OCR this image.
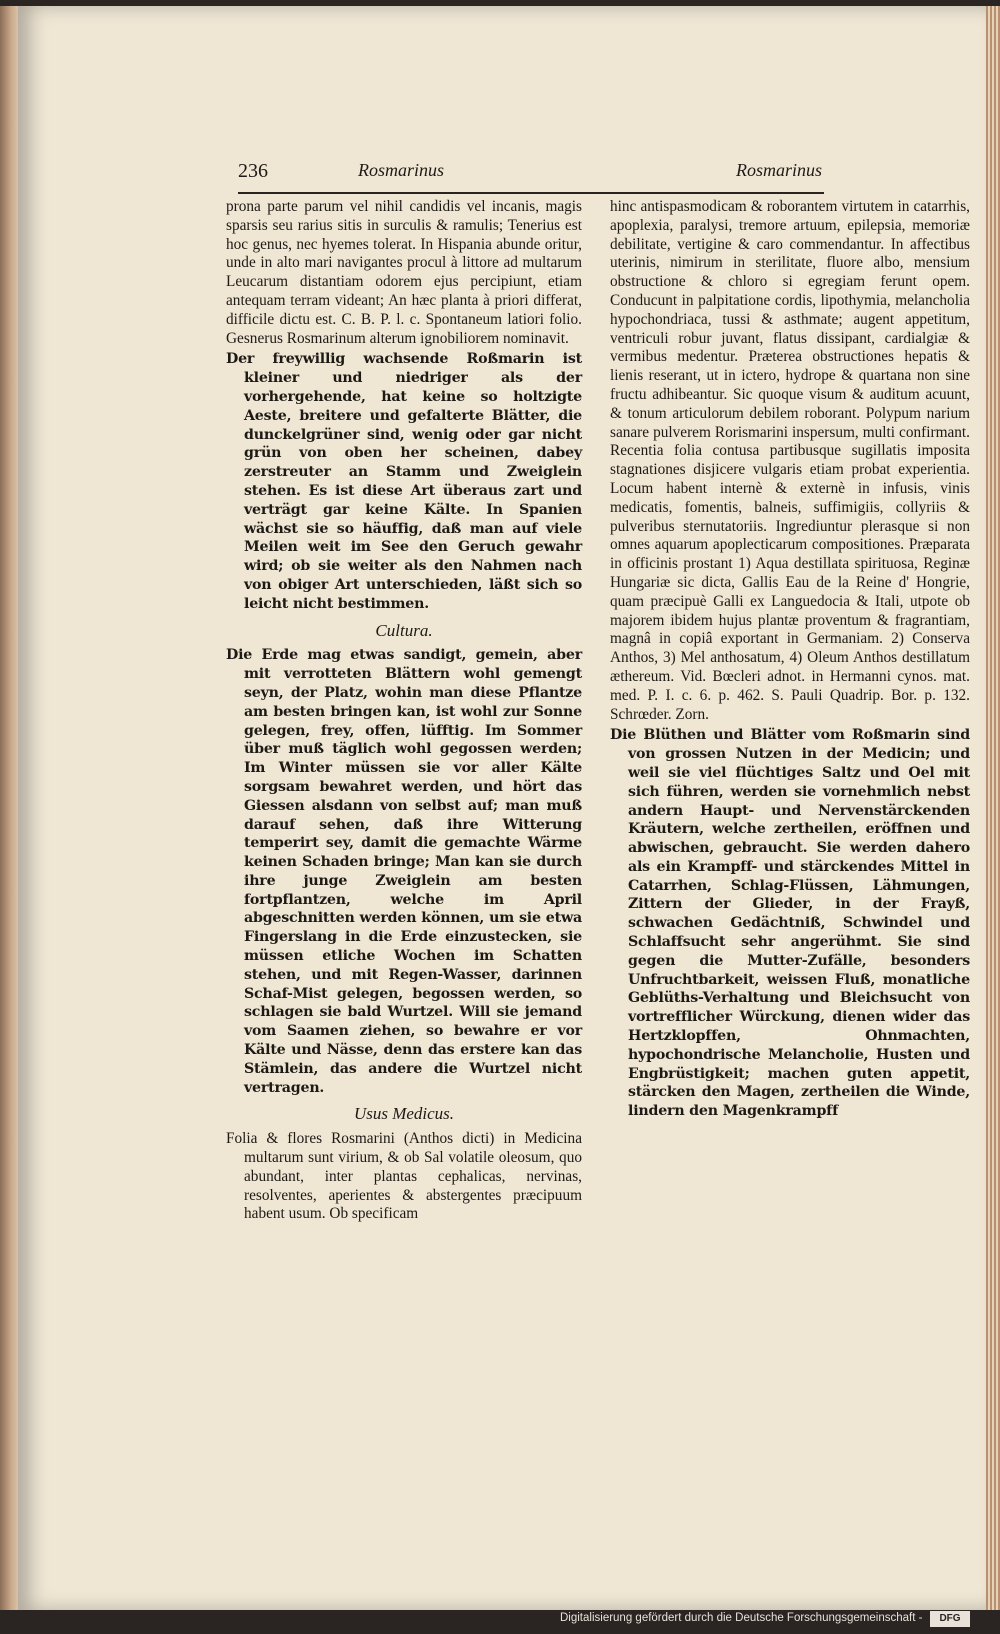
236	Rosmarinus	Rosmarinus

prona parte parum vel nihil candidis vel incanis, magis sparsis seu rarius sitis in surculis & ramulis; Tenerius est hoc genus, nec hyemes tolerat. In Hispania abunde oritur, unde in alto mari navigantes procul à littore ad multarum Leucarum distantiam odorem ejus percipiunt, etiam antequam terram videant; An hæc planta à priori differat, difficile dictu est. C. B. P. l. c. Spontaneum latiori folio. Gesnerus Rosmarinum alterum ignobiliorem nominavit.

Der freywillig wachsende Roßmarin ist kleiner und niedriger als der vorhergehende, hat keine so holtzigte Aeste, breitere und gefalterte Blätter, die dunckelgrüner sind, wenig oder gar nicht grün von oben her scheinen, dabey zerstreuter an Stamm und Zweiglein stehen. Es ist diese Art überaus zart und verträgt gar keine Kälte. In Spanien wächst sie so häuffig, daß man auf viele Meilen weit im See den Geruch gewahr wird; ob sie weiter als den Nahmen nach von obiger Art unterschieden, läßt sich so leicht nicht bestimmen.

Cultura.

Die Erde mag etwas sandigt, gemein, aber mit verrotteten Blättern wohl gemengt seyn, der Platz, wohin man diese Pflantze am besten bringen kan, ist wohl zur Sonne gelegen, frey, offen, lüfftig. Im Sommer über muß täglich wohl gegossen werden; Im Winter müssen sie vor aller Kälte sorgsam bewahret werden, und hört das Giessen alsdann von selbst auf; man muß darauf sehen, daß ihre Witterung temperirt sey, damit die gemachte Wärme keinen Schaden bringe; Man kan sie durch ihre junge Zweiglein am besten fortpflantzen, welche im April abgeschnitten werden können, um sie etwa Fingerslang in die Erde einzustecken, sie müssen etliche Wochen im Schatten stehen, und mit Regen-Wasser, darinnen Schaf-Mist gelegen, begossen werden, so schlagen sie bald Wurtzel. Will sie jemand vom Saamen ziehen, so bewahre er vor Kälte und Nässe, denn das erstere kan das Stämlein, das andere die Wurtzel nicht vertragen.

Usus Medicus.

Folia & flores Rosmarini (Anthos dicti) in Medicina multarum sunt virium, & ob Sal volatile oleosum, quo abundant, inter plantas cephalicas, nervinas, resolventes, aperientes & abstergentes præcipuum habent usum. Ob specificam

hinc antispasmodicam & roborantem virtutem in catarrhis, apoplexia, paralysi, tremore artuum, epilepsia, memoriæ debilitate, vertigine & caro commendantur. In affectibus uterinis, nimirum in sterilitate, fluore albo, mensium obstructione & chloro si egregiam ferunt opem. Conducunt in palpitatione cordis, lipothymia, melancholia hypochondriaca, tussi & asthmate; augent appetitum, ventriculi robur juvant, flatus dissipant, cardialgiæ & vermibus medentur. Præterea obstructiones hepatis & lienis reserant, ut in ictero, hydrope & quartana non sine fructu adhibeantur. Sic quoque visum & auditum acuunt, & tonum articulorum debilem roborant. Polypum narium sanare pulverem Rorismarini inspersum, multi confirmant. Recentia folia contusa partibusque sugillatis imposita stagnationes disjicere vulgaris etiam probat experientia. Locum habent internè & externè in infusis, vinis medicatis, fomentis, balneis, suffimigiis, collyriis & pulveribus sternutatoriis. Ingrediuntur plerasque si non omnes aquarum apoplecticarum compositiones. Præparata in officinis prostant 1) Aqua destillata spirituosa, Reginæ Hungariæ sic dicta, Gallis Eau de la Reine d' Hongrie, quam præcipuè Galli ex Languedocia & Itali, utpote ob majorem ibidem hujus plantæ proventum & fragrantiam, magnâ in copiâ exportant in Germaniam. 2) Conserva Anthos, 3) Mel anthosatum, 4) Oleum Anthos destillatum æthereum. Vid. Bœcleri adnot. in Hermanni cynos. mat. med. P. I. c. 6. p. 462. S. Pauli Quadrip. Bor. p. 132. Schrœder. Zorn.

Die Blüthen und Blätter vom Roßmarin sind von grossen Nutzen in der Medicin; und weil sie viel flüchtiges Saltz und Oel mit sich führen, werden sie vornehmlich nebst andern Haupt- und Nervenstärckenden Kräutern, welche zertheilen, eröffnen und abwischen, gebraucht. Sie werden dahero als ein Krampff- und stärckendes Mittel in Catarrhen, Schlag-Flüssen, Lähmungen, Zittern der Glieder, in der Frayß, schwachen Gedächtniß, Schwindel und Schlaffsucht sehr angerühmt. Sie sind gegen die Mutter-Zufälle, besonders Unfruchtbarkeit, weissen Fluß, monatliche Geblüths-Verhaltung und Bleichsucht von vortrefflicher Würckung, dienen wider das Hertzklopffen, Ohnmachten, hypochondrische Melancholie, Husten und Engbrüstigkeit; machen guten appetit, stärcken den Magen, zertheilen die Winde, lindern den Magenkrampff

Digitalisierung gefördert durch die Deutsche Forschungsgemeinschaft -	DFG
